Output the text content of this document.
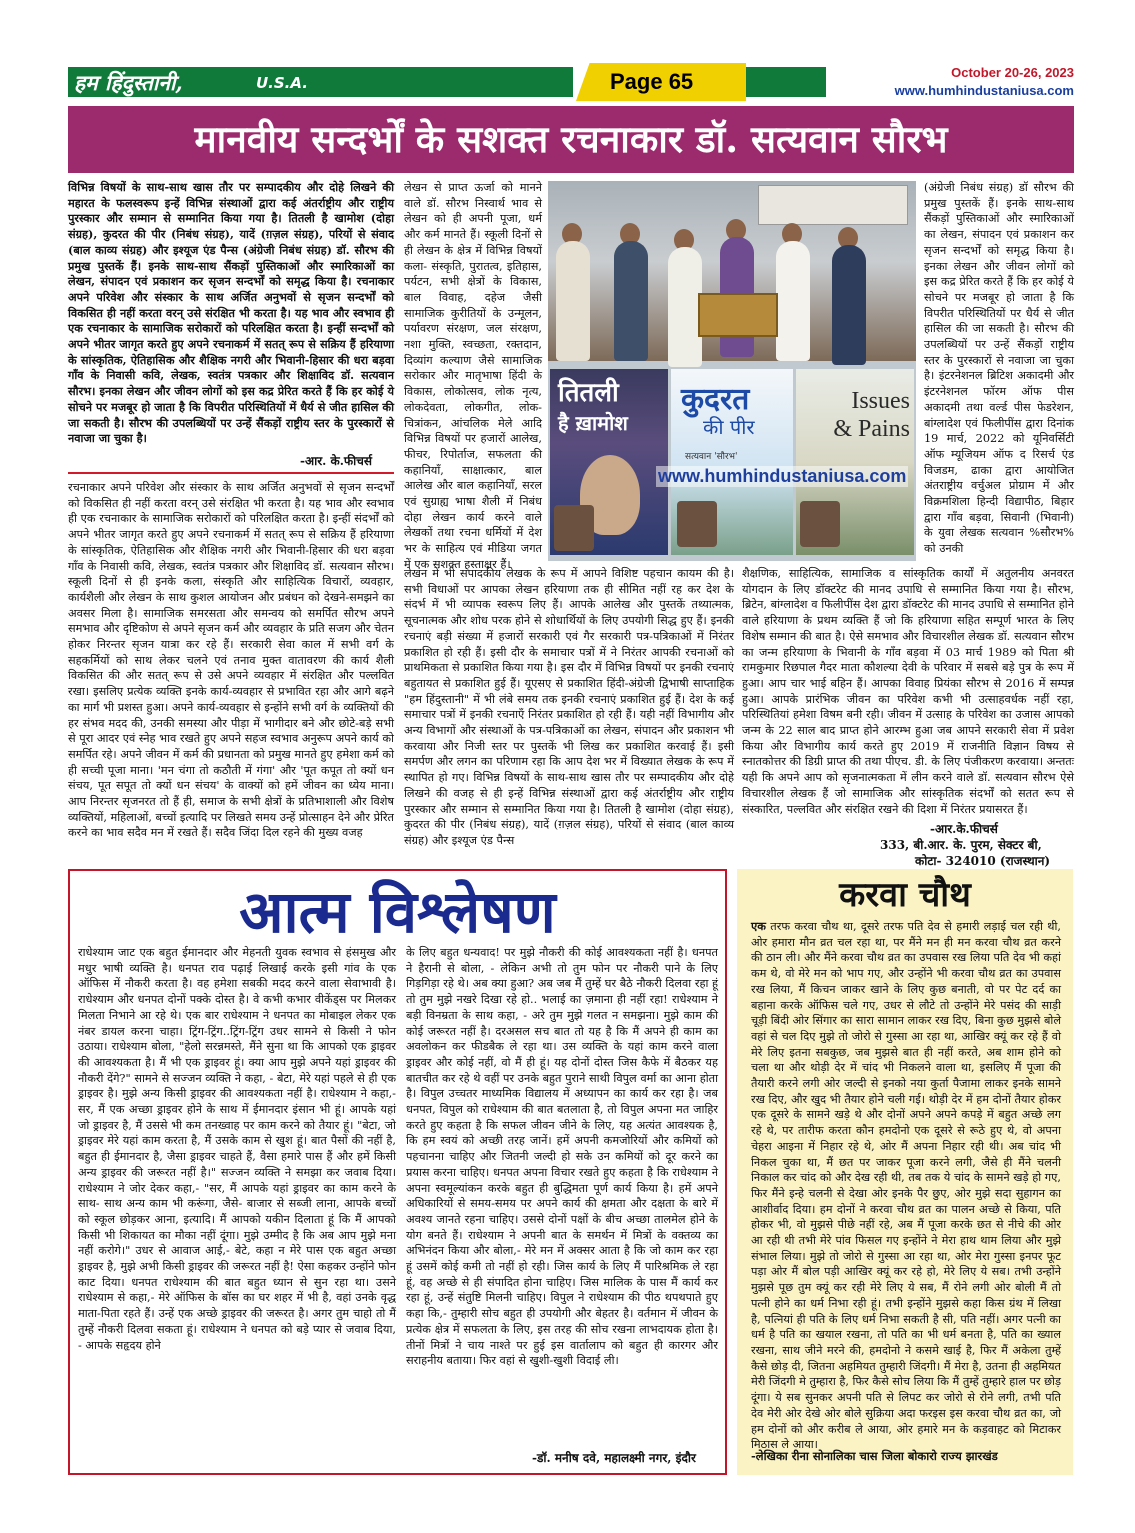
हम हिंदुस्तानी,	U.S.A.	Page 65	October 20-26, 2023
www.humhindustaniusa.com
मानवीय सन्दर्भों के सशक्त रचनाकार डॉ. सत्यवान सौरभ
विभिन्न विषयों के साथ-साथ खास तौर पर सम्पादकीय और दोहे लिखने की महारत के फलस्वरूप इन्हें विभिन्न संस्थाओं द्वारा कई अंतर्राष्ट्रीय और राष्ट्रीय पुरस्कार और सम्मान से सम्मानित किया गया है। तितली है खामोश (दोहा संग्रह), कुदरत की पीर (निबंध संग्रह), यादें (ग़ज़ल संग्रह), परियों से संवाद (बाल काव्य संग्रह) और इश्यूज एंड पैन्स (अंग्रेजी निबंध संग्रह) डॉ. सौरभ की प्रमुख पुस्तकें हैं। इनके साथ-साथ सैंकड़ों पुस्तिकाओं और स्मारिकाओं का लेखन, संपादन एवं प्रकाशन कर सृजन सन्दर्भों को समृद्ध किया है। रचनाकार अपने परिवेश और संस्कार के साथ अर्जित अनुभवों से सृजन सन्दर्भों को विकसित ही नहीं करता वरन् उसे संरक्षित भी करता है। यह भाव और स्वभाव ही एक रचनाकार के सामाजिक सरोकारों को परिलक्षित करता है। इन्हीं सन्दर्भों को अपने भीतर जागृत करते हुए अपने रचनाकर्म में सतत् रूप से सक्रिय हैं हरियाणा के सांस्कृतिक, ऐतिहासिक और शैक्षिक नगरी और भिवानी-हिसार की धरा बड़वा गाँव के निवासी कवि, लेखक, स्वतंत्र पत्रकार और शिक्षाविद डॉ. सत्यवान सौरभ। इनका लेखन और जीवन लोगों को इस कद्र प्रेरित करते हैं कि हर कोई ये सोचने पर मजबूर हो जाता है कि विपरीत परिस्थितियों में धैर्य से जीत हासिल की जा सकती है। सौरभ की उपलब्धियों पर उन्हें सैंकड़ों राष्ट्रीय स्तर के पुरस्कारों से नवाजा जा चुका है।
-आर. के.फीचर्स
रचनाकार अपने परिवेश और संस्कार के साथ अर्जित अनुभवों से सृजन सन्दर्भों को विकसित ही नहीं करता वरन् उसे संरक्षित भी करता है। यह भाव और स्वभाव ही एक रचनाकार के सामाजिक सरोकारों को परिलक्षित करता है। इन्हीं संदर्भों को अपने भीतर जागृत करते हुए अपने रचनाकर्म में सतत् रूप से सक्रिय हैं हरियाणा के सांस्कृतिक, ऐतिहासिक और शैक्षिक नगरी और भिवानी-हिसार की धरा बड़वा गाँव के निवासी कवि, लेखक, स्वतंत्र पत्रकार और शिक्षाविद डॉ. सत्यवान सौरभ। स्कूली दिनों से ही इनके कला, संस्कृति और साहित्यिक विचारों, व्यवहार, कार्यशैली और लेखन के साथ कुशल आयोजन और प्रबंधन को देखने-समझने का अवसर मिला है। सामाजिक समरसता और समन्वय को समर्पित सौरभ अपने समभाव और दृष्टिकोण से अपने सृजन कर्म और व्यवहार के प्रति सजग और चेतन होकर निरन्तर सृजन यात्रा कर रहे हैं। सरकारी सेवा काल में सभी वर्ग के सहकर्मियों को साथ लेकर चलने एवं तनाव मुक्त वातावरण की कार्य शैली विकसित की और सतत् रूप से उसे अपने व्यवहार में संरक्षित और पल्लवित रखा। इसलिए प्रत्येक व्यक्ति इनके कार्य-व्यवहार से प्रभावित रहा और आगे बढ़ने का मार्ग भी प्रशस्त हुआ। अपने कार्य-व्यवहार से इन्होंने सभी वर्ग के व्यक्तियों की हर संभव मदद की, उनकी समस्या और पीड़ा में भागीदार बने और छोटे-बड़े सभी से पूरा आदर एवं स्नेह भाव रखते हुए अपने सहज स्वभाव अनुरूप अपने कार्य को समर्पित रहे। अपने जीवन में कर्म की प्रधानता को प्रमुख मानते हुए हमेशा कर्म को ही सच्ची पूजा माना। 'मन चंगा तो कठौती में गंगा' और 'पूत कपूत तो क्यों धन संचय, पूत सपूत तो क्यों धन संचय' के वाक्यों को हमें जीवन का ध्येय माना। आप निरन्तर सृजनरत तो हैं ही, समाज के सभी क्षेत्रों के प्रतिभाशाली और विशेष व्यक्तियों, महिलाओं, बच्चों इत्यादि पर लिखते समय उन्हें प्रोत्साहन देने और प्रेरित करने का भाव सदैव मन में रखते हैं। सदैव जिंदा दिल रहने की मुख्य वजह
लेखन से प्राप्त ऊर्जा को मानने वाले डॉ. सौरभ निस्वार्थ भाव से लेखन को ही अपनी पूजा, धर्म और कर्म मानते हैं। स्कूली दिनों से ही लेखन के क्षेत्र में विभिन्न विषयों कला- संस्कृति, पुरातत्व, इतिहास, पर्यटन, सभी क्षेत्रों के विकास, बाल विवाह, दहेज जैसी सामाजिक कुरीतियों के उन्मूलन, पर्यावरण संरक्षण, जल संरक्षण, नशा मुक्ति, स्वच्छता, रक्तदान, दिव्यांग कल्याण जैसे सामाजिक सरोकार और मातृभाषा हिंदी के विकास, लोकोत्सव, लोक नृत्य, लोकदेवता, लोकगीत, लोक-चित्रांकन, आंचलिक मेले आदि विभिन्न विषयों पर हजारों आलेख, फीचर, रिपोर्ताज, सफलता की कहानियाँ, साक्षात्कार, बाल आलेख और बाल कहानियाँ, सरल एवं सुग्राह्य भाषा शैली में निबंध दोहा लेखन कार्य करने वाले लेखकों तथा रचना धर्मियों में देश भर के साहित्य एवं मीडिया जगत में एक सशक्त हस्ताक्षर हैं।
तितली
है ख़ामोश
कुदरत
की पीर
सत्यवान 'सौरभ'
Issues & Pains
www.humhindustaniusa.com
(अंग्रेजी निबंध संग्रह) डॉ सौरभ की प्रमुख पुस्तकें हैं। इनके साथ-साथ सैंकड़ों पुस्तिकाओं और स्मारिकाओं का लेखन, संपादन एवं प्रकाशन कर सृजन सन्दर्भों को समृद्ध किया है। इनका लेखन और जीवन लोगों को इस कद्र प्रेरित करते हैं कि हर कोई ये सोचने पर मजबूर हो जाता है कि विपरीत परिस्थितियों पर धैर्य से जीत हासिल की जा सकती है। सौरभ की उपलब्धियों पर उन्हें सैंकड़ों राष्ट्रीय स्तर के पुरस्कारों से नवाजा जा चुका है। इंटरनेशनल ब्रिटिश अकादमी और इंटरनेशनल फॉरम ऑफ पीस अकादमी तथा वर्ल्ड पीस फेडरेशन, बांग्लादेश एवं फिलीपींस द्वारा दिनांक 19 मार्च, 2022 को यूनिवर्सिटी ऑफ म्यूजियम ऑफ द रिसर्च एंड विजडम, ढाका द्वारा आयोजित अंतराष्ट्रीय वर्चुअल प्रोग्राम में और विक्रमशिला हिन्दी विद्यापीठ, बिहार द्वारा गाँव बड़वा, सिवानी (भिवानी) के युवा लेखक सत्यवान %सौरभ% को उनकी
लेखन में भी संपादकीय लेखक के रूप में आपने विशिष्ट पहचान कायम की है। सभी विधाओं पर आपका लेखन हरियाणा तक ही सीमित नहीं रह कर देश के संदर्भ में भी व्यापक स्वरूप लिए हैं। आपके आलेख और पुस्तकें तथ्यात्मक, सूचनात्मक और शोध परक होने से शोधार्थियों के लिए उपयोगी सिद्ध हुए हैं। इनकी रचनाएं बड़ी संख्या में हजारों सरकारी एवं गैर सरकारी पत्र-पत्रिकाओं में निरंतर प्रकाशित हो रही हैं। इसी दौर के समाचार पत्रों में ने निरंतर आपकी रचनाओं को प्राथमिकता से प्रकाशित किया गया है। इस दौर में विभिन्न विषयों पर इनकी रचनाएं बहुतायत से प्रकाशित हुई हैं। यूएसए से प्रकाशित हिंदी-अंग्रेजी द्विभाषी साप्ताहिक "हम हिंदुस्तानी" में भी लंबे समय तक इनकी रचनाएं प्रकाशित हुई हैं। देश के कई समाचार पत्रों में इनकी रचनाएँ निरंतर प्रकाशित हो रही हैं। यही नहीं विभागीय और अन्य विभागों और संस्थाओं के पत्र-पत्रिकाओं का लेखन, संपादन और प्रकाशन भी करवाया और निजी स्तर पर पुस्तकें भी लिख कर प्रकाशित करवाई हैं। इसी समर्पण और लगन का परिणाम रहा कि आप देश भर में विख्यात लेखक के रूप में स्थापित हो गए। विभिन्न विषयों के साथ-साथ खास तौर पर सम्पादकीय और दोहे लिखने की वजह से ही इन्हें विभिन्न संस्थाओं द्वारा कई अंतर्राष्ट्रीय और राष्ट्रीय पुरस्कार और सम्मान से सम्मानित किया गया है। तितली है खामोश (दोहा संग्रह), कुदरत की पीर (निबंध संग्रह), यादें (ग़ज़ल संग्रह), परियों से संवाद (बाल काव्य संग्रह) और इश्यूज एंड पैन्स
शैक्षणिक, साहित्यिक, सामाजिक व सांस्कृतिक कार्यों में अतुलनीय अनवरत योगदान के लिए डॉक्टरेट की मानद उपाधि से सम्मानित किया गया है। सौरभ, ब्रिटेन, बांग्लादेश व फिलीपींस देश द्वारा डॉक्टरेट की मानद उपाधि से सम्मानित होने वाले हरियाणा के प्रथम व्यक्ति हैं जो कि हरियाणा सहित सम्पूर्ण भारत के लिए विशेष सम्मान की बात है। ऐसे समभाव और विचारशील लेखक डॉ. सत्यवान सौरभ का जन्म हरियाणा के भिवानी के गाँव बड़वा में 03 मार्च 1989 को पिता श्री रामकुमार रिछपाल गैदर माता कौशल्या देवी के परिवार में सबसे बड़े पुत्र के रूप में हुआ। आप चार भाई बहिन हैं। आपका विवाह प्रियंका सौरभ से 2016 में सम्पन्न हुआ। आपके प्रारंभिक जीवन का परिवेश कभी भी उत्साहवर्धक नहीं रहा, परिस्थितियां हमेशा विषम बनी रही। जीवन में उत्साह के परिवेश का उजास आपको जन्म के 22 साल बाद प्राप्त होने आरम्भ हुआ जब आपने सरकारी सेवा में प्रवेश किया और विभागीय कार्य करते हुए 2019 में राजनीति विज्ञान विषय से स्नातकोत्तर की डिग्री प्राप्त की तथा पीएच. डी. के लिए पंजीकरण करवाया। अन्ततः यही कि अपने आप को सृजनात्मकता में लीन करने वाले डॉ. सत्यवान सौरभ ऐसे विचारशील लेखक हैं जो सामाजिक और सांस्कृतिक संदर्भों को सतत रूप से संस्कारित, पल्लवित और संरक्षित रखने की दिशा में निरंतर प्रयासरत हैं।
-आर.के.फीचर्स
333, बी.आर. के. पुरम, सेक्टर बी,
कोटा- 324010 (राजस्थान)
आत्म विश्लेषण
राधेश्याम जाट एक बहुत ईमानदार और मेहनती युवक स्वभाव से हंसमुख और मधुर भाषी व्यक्ति है। धनपत राव पढ़ाई लिखाई करके इसी गांव के एक ऑफिस में नौकरी करता है। वह हमेशा सबकी मदद करने वाला सेवाभावी है। राधेश्याम और धनपत दोनों पक्के दोस्त है। वे कभी कभार वीकेंड्स पर मिलकर मिलता निभाने आ रहे थे। एक बार राधेश्याम ने धनपत का मोबाइल लेकर एक नंबर डायल करना चाहा। ट्रिंग-ट्रिंग..ट्रिंग-ट्रिंग उधर सामने से किसी ने फोन उठाया। राधेश्याम बोला, "हेलो सरन्नमस्ते, मैंने सुना था कि आपको एक ड्राइवर की आवश्यकता है। मैं भी एक ड्राइवर हूं। क्या आप मुझे अपने यहां ड्राइवर की नौकरी देंगे?" सामने से सज्जन व्यक्ति ने कहा, - बेटा, मेरे यहां पहले से ही एक ड्राइवर है। मुझे अन्य किसी ड्राइवर की आवश्यकता नहीं है। राधेश्याम ने कहा,- सर, मैं एक अच्छा ड्राइवर होने के साथ में ईमानदार इंसान भी हूं। आपके यहां जो ड्राइवर है, मैं उससे भी कम तनख्वाह पर काम करने को तैयार हूं। "बेटा, जो ड्राइवर मेरे यहां काम करता है, मैं उसके काम से खुश हूं। बात पैसों की नहीं है, बहुत ही ईमानदार है, जैसा ड्राइवर चाहते हैं, वैसा हमारे पास हैं और हमें किसी अन्य ड्राइवर की जरूरत नहीं है।" सज्जन व्यक्ति ने समझा कर जवाब दिया। राधेश्याम ने जोर देकर कहा,- "सर, मैं आपके यहां ड्राइवर का काम करने के साथ- साथ अन्य काम भी करूंगा, जैसे- बाजार से सब्जी लाना, आपके बच्चों को स्कूल छोड़कर आना, इत्यादि। मैं आपको यकीन दिलाता हूं कि मैं आपको किसी भी शिकायत का मौका नहीं दूंगा। मुझे उम्मीद है कि अब आप मुझे मना नहीं करोगे।" उधर से आवाज आई,- बेटे, कहा न मेरे पास एक बहुत अच्छा ड्राइवर है, मुझे अभी किसी ड्राइवर की जरूरत नहीं है! ऐसा कहकर उन्होंने फोन काट दिया। धनपत राधेश्याम की बात बहुत ध्यान से सुन रहा था। उसने राधेश्याम से कहा,- मेरे ऑफिस के बॉस का घर शहर में भी है, वहां उनके वृद्ध माता-पिता रहते हैं। उन्हें एक अच्छे ड्राइवर की जरूरत है। अगर तुम चाहो तो मैं तुम्हें नौकरी दिलवा सकता हूं। राधेश्याम ने धनपत को बड़े प्यार से जवाब दिया, - आपके सहृदय होने
के लिए बहुत धन्यवाद! पर मुझे नौकरी की कोई आवश्यकता नहीं है। धनपत ने हैरानी से बोला, - लेकिन अभी तो तुम फोन पर नौकरी पाने के लिए गिड़गिड़ा रहे थे। अब क्या हुआ? अब जब मैं तुम्हें घर बैठे नौकरी दिलवा रहा हूं तो तुम मुझे नखरे दिखा रहे हो.. भलाई का ज़माना ही नहीं रहा! राधेश्याम ने बड़ी विनम्रता के साथ कहा, - अरे तुम मुझे गलत न समझना। मुझे काम की कोई जरूरत नहीं है। दरअसल सच बात तो यह है कि मैं अपने ही काम का अवलोकन कर फीडबैक ले रहा था। उस व्यक्ति के यहां काम करने वाला ड्राइवर और कोई नहीं, वो मैं ही हूं। यह दोनों दोस्त जिस कैफे में बैठकर यह बातचीत कर रहे थे वहीं पर उनके बहुत पुराने साथी विपुल वर्मा का आना होता है। विपुल उच्चतर माध्यमिक विद्यालय में अध्यापन का कार्य कर रहा है। जब धनपत, विपुल को राधेश्याम की बात बतलाता है, तो विपुल अपना मत जाहिर करते हुए कहता है कि सफल जीवन जीने के लिए, यह अत्यंत आवश्यक है, कि हम स्वयं को अच्छी तरह जानें। हमें अपनी कमजोरियों और कमियों को पहचानना चाहिए और जितनी जल्दी हो सके उन कमियों को दूर करने का प्रयास करना चाहिए। धनपत अपना विचार रखते हुए कहता है कि राधेश्याम ने अपना स्वमूल्यांकन करके बहुत ही बुद्धिमता पूर्ण कार्य किया है। हमें अपने अधिकारियों से समय-समय पर अपने कार्य की क्षमता और दक्षता के बारे में अवश्य जानते रहना चाहिए। उससे दोनों पक्षों के बीच अच्छा तालमेल होने के योग बनते हैं। राधेश्याम ने अपनी बात के समर्थन में मित्रों के वक्तव्य का अभिनंदन किया और बोला,- मेरे मन में अक्सर आता है कि जो काम कर रहा हूं उसमें कोई कमी तो नहीं हो रही। जिस कार्य के लिए मैं पारिश्रमिक ले रहा हूं, वह अच्छे से ही संपादित होना चाहिए। जिस मालिक के पास मैं कार्य कर रहा हूं, उन्हें संतुष्टि मिलनी चाहिए। विपुल ने राधेश्याम की पीठ थपथपाते हुए कहा कि,- तुम्हारी सोच बहुत ही उपयोगी और बेहतर है। वर्तमान में जीवन के प्रत्येक क्षेत्र में सफलता के लिए, इस तरह की सोच रखना लाभदायक होता है। तीनों मित्रों ने चाय नाश्ते पर हुई इस वार्तालाप को बहुत ही कारगर और सराहनीय बताया। फिर वहां से खुशी-खुशी विदाई ली।
-डॉ. मनीष दवे, महालक्ष्मी नगर, इंदौर
करवा चौथ
एक तरफ करवा चौथ था, दूसरे तरफ पति देव से हमारी लड़ाई चल रही थी, ओर हमारा मौन व्रत चल रहा था, पर मैंने मन ही मन करवा चौथ व्रत करने की ठान ली। और मैंने करवा चौथ व्रत का उपवास रख लिया पति देव भी कहां कम थे, वो मेरे मन को भाप गए, और उन्होंने भी करवा चौथ व्रत का उपवास रख लिया, मैं किचन जाकर खाने के लिए कुछ बनाती, वो पर पेट दर्द का बहाना करके ऑफिस चले गए, उधर से लौटे तो उन्होंने मेरे पसंद की साड़ी चूड़ी बिंदी ओर सिंगार का सारा सामान लाकर रख दिए, बिना कुछ मुझसे बोले वहां से चल दिए मुझे तो जोरो से गुस्सा आ रहा था, आखिर क्यूं कर रहे हैं वो मेरे लिए इतना सबकुछ, जब मुझसे बात ही नहीं करते, अब शाम होने को चला था और थोड़ी देर में चांद भी निकलने वाला था, इसलिए मैं पूजा की तैयारी करने लगी ओर जल्दी से इनको नया कुर्ता पैजामा लाकर इनके सामने रख दिए, और खुद भी तैयार होने चली गई। थोड़ी देर में हम दोनों तैयार होकर एक दूसरे के सामने खड़े थे और दोनों अपने अपने कपड़े में बहुत अच्छे लग रहे थे, पर तारीफ करता कौन हमदोनो एक दूसरे से रूठे हुए थे, वो अपना चेहरा आइना में निहार रहे थे, ओर मैं अपना निहार रही थी। अब चांद भी निकल चुका था, मैं छत पर जाकर पूजा करने लगी, जैसे ही मैंने चलनी निकाल कर चांद को और देख रही थी, तब तक ये चांद के सामने खड़े हो गए, फिर मैंने इन्हे चलनी से देखा ओर इनके पैर छुए, ओर मुझे सदा सुहागन का आशीर्वाद दिया। हम दोनों ने करवा चौथ व्रत का पालन अच्छे से किया, पति होकर भी, वो मुझसे पीछे नहीं रहे, अब मैं पूजा करके छत से नीचे की ओर आ रही थी तभी मेरे पांव फिसल गए इन्होंने ने मेरा हाथ थाम लिया और मुझे संभाल लिया। मुझे तो जोरो से गुस्सा आ रहा था, ओर मेरा गुस्सा इनपर फूट पड़ा ओर मैं बोल पड़ी आखिर क्यूं कर रहे हो, मेरे लिए ये सब। तभी उन्होंने मुझसे पूछ तुम क्यूं कर रही मेरे लिए ये सब, मैं रोने लगी ओर बोली मैं तो पत्नी होने का धर्म निभा रही हूं। तभी इन्होंने मुझसे कहा किस ग्रंथ में लिखा है, पत्नियां ही पति के लिए धर्म निभा सकती है सी, पति नहीं। अगर पत्नी का धर्म है पति का खयाल रखना, तो पति का भी धर्म बनता है, पति का ख्याल रखना, साथ जीने मरने की, हमदोनो ने कसमे खाई है, फिर मैं अकेला तुम्हें कैसे छोड़ दी, जितना अहमियत तुम्हारी जिंदगी। मैं मेरा है, उतना ही अहमियत मेरी जिंदगी मे तुम्हारा है, फिर कैसे सोच लिया कि मैं तुम्हें तुम्हारे हाल पर छोड़ दूंगा। ये सब सुनकर अपनी पति से लिपट कर जोरो से रोने लगी, तभी पति देव मेरी ओर देखे ओर बोले सुक्रिया अदा फरइस इस करवा चौथ व्रत का, जो हम दोनों को और करीब ले आया, ओर हमारे मन के कड़वाहट को मिटाकर मिठास ले आया।
-लेखिका रीना सोनालिका चास जिला बोकारो राज्य झारखंड
